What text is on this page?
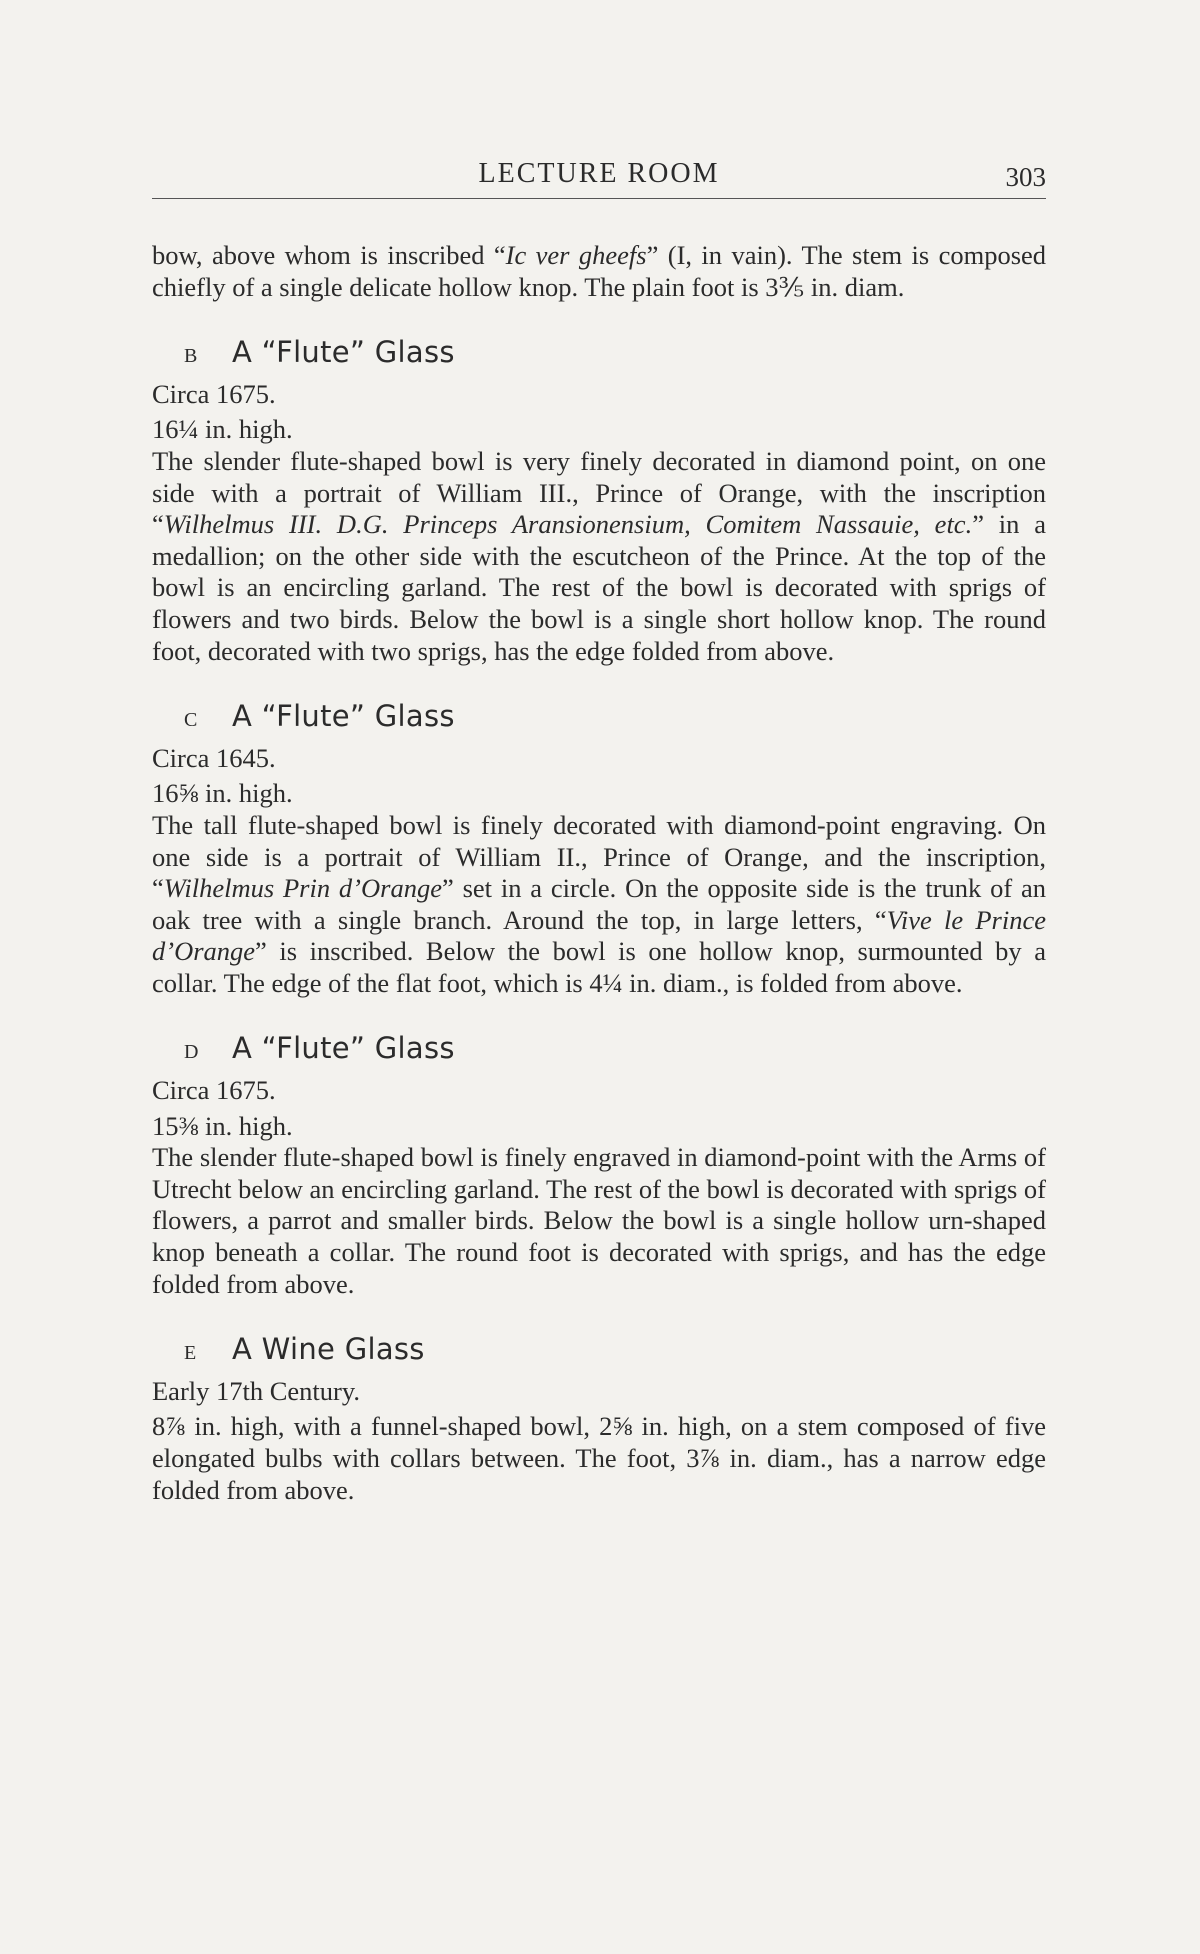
LECTURE ROOM	303

bow, above whom is inscribed “Ic ver gheefs” (I, in vain). The stem is composed chiefly of a single delicate hollow knop. The plain foot is 3⅗ in. diam.

B	A “Flute” Glass
Circa 1675.
16¼ in. high.

The slender flute-shaped bowl is very finely decorated in diamond point, on one side with a portrait of William III., Prince of Orange, with the inscription “Wilhelmus III. D.G. Princeps Aransionensium, Comitem Nassauie, etc.” in a medallion; on the other side with the escutcheon of the Prince. At the top of the bowl is an encircling garland. The rest of the bowl is decorated with sprigs of flowers and two birds. Below the bowl is a single short hollow knop. The round foot, decorated with two sprigs, has the edge folded from above.

C	A “Flute” Glass
Circa 1645.
16⅝ in. high.

The tall flute-shaped bowl is finely decorated with diamond-point engraving. On one side is a portrait of William II., Prince of Orange, and the inscription, “Wilhelmus Prin d’Orange” set in a circle. On the opposite side is the trunk of an oak tree with a single branch. Around the top, in large letters, “Vive le Prince d’Orange” is inscribed. Below the bowl is one hollow knop, surmounted by a collar. The edge of the flat foot, which is 4¼ in. diam., is folded from above.

D	A “Flute” Glass
Circa 1675.
15⅜ in. high.

The slender flute-shaped bowl is finely engraved in diamond-point with the Arms of Utrecht below an encircling garland. The rest of the bowl is decorated with sprigs of flowers, a parrot and smaller birds. Below the bowl is a single hollow urn-shaped knop beneath a collar. The round foot is decorated with sprigs, and has the edge folded from above.

E	A Wine Glass
Early 17th Century.

8⅞ in. high, with a funnel-shaped bowl, 2⅝ in. high, on a stem composed of five elongated bulbs with collars between. The foot, 3⅞ in. diam., has a narrow edge folded from above.
